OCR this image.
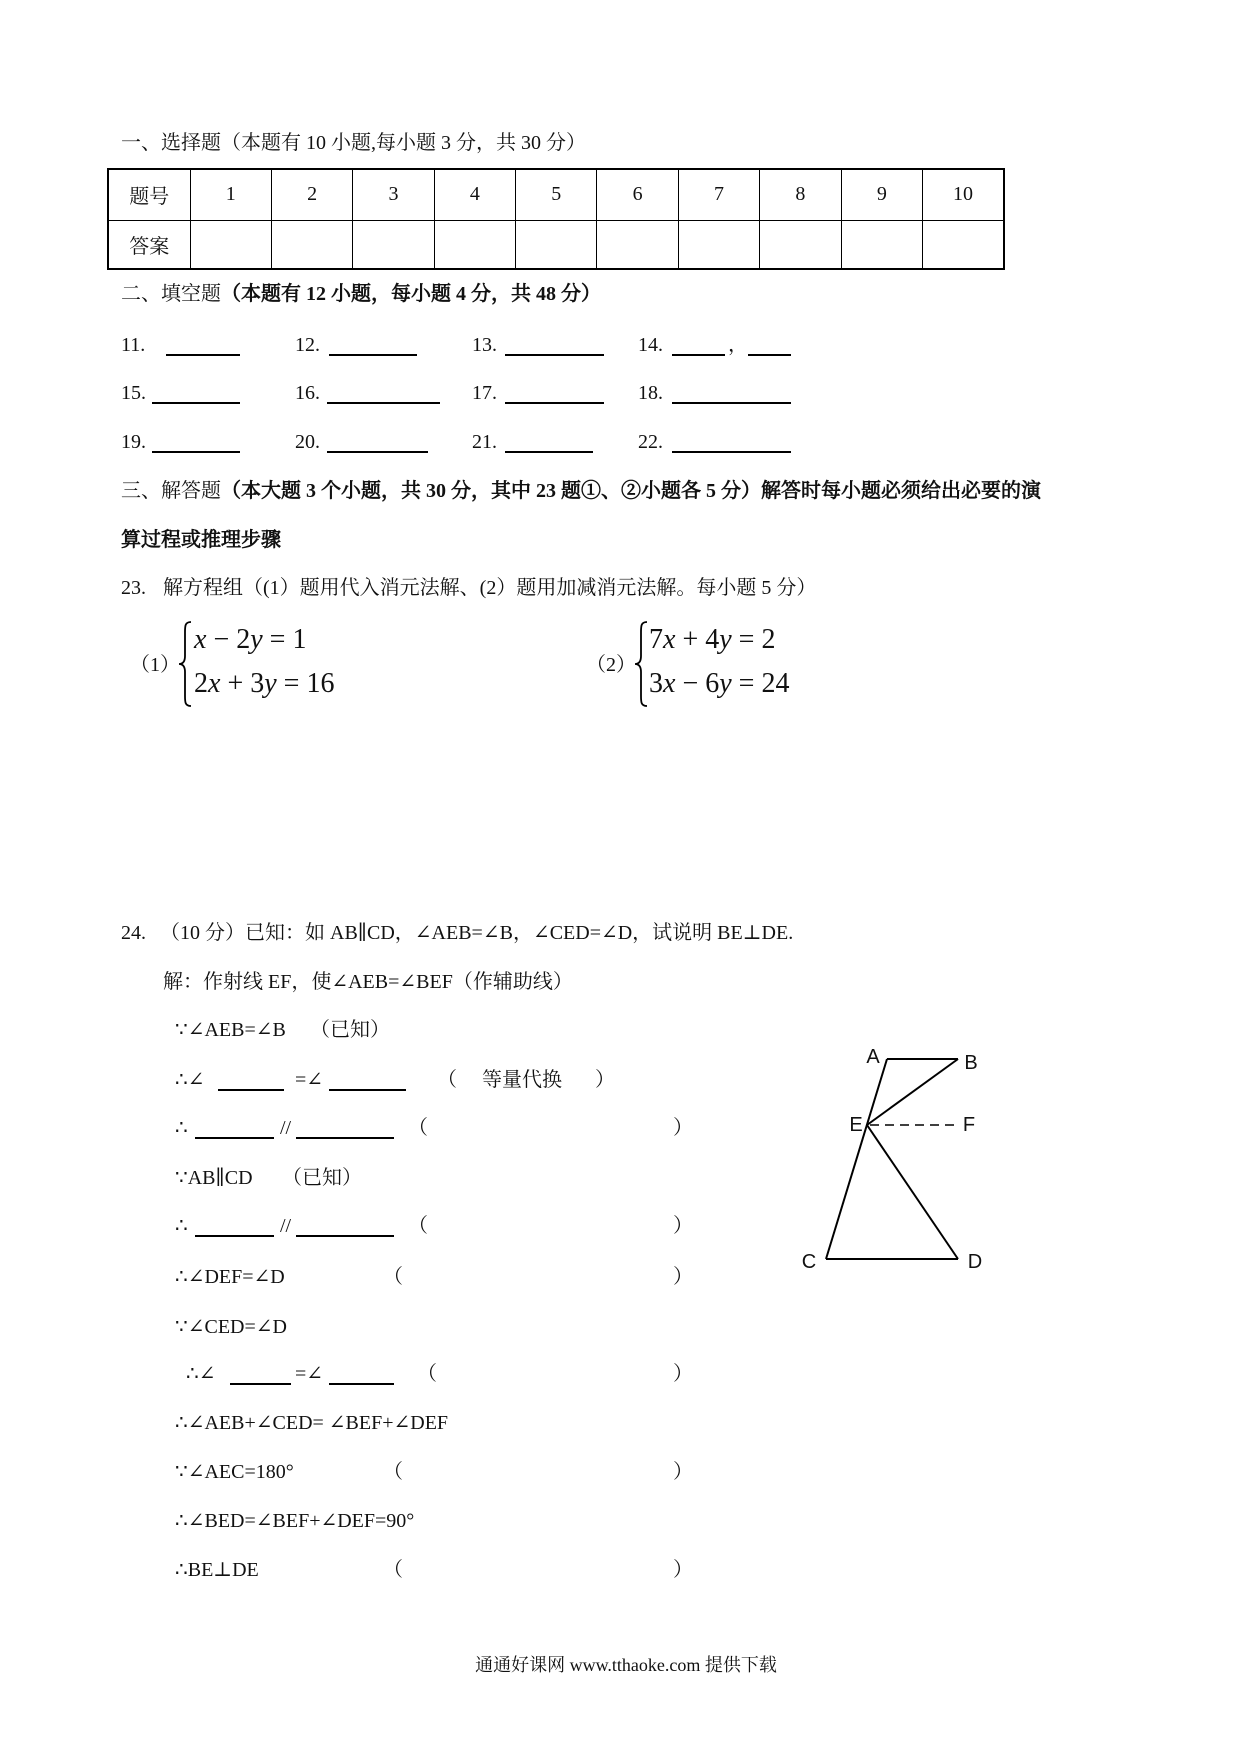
一、选择题（本题有 10 小题,每小题 3 分，共 30 分）
题号	1	2	3	4	5	6	7	8	9	10
答案										
二、填空题（本题有 12 小题，每小题 4 分，共 48 分）
11.	12.	13.	14.	，
15.	16.	17.	18.
19.	20.	21.	22.
三、解答题（本大题 3 个小题，共 30 分，其中 23 题①、②小题各 5 分）解答时每小题必须给出必要的演
算过程或推理步骤
23. 解方程组（(1）题用代入消元法解、(2）题用加减消元法解。每小题 5 分）
（1）
x − 2y = 1
2x + 3y = 16
（2）
7x + 4y = 2
3x − 6y = 24
24. （10 分）已知：如 AB∥CD，∠AEB=∠B，∠CED=∠D，试说明 BE⊥DE.
解：作射线 EF，使∠AEB=∠BEF（作辅助线）
∵∠AEB=∠B （已知）
∴∠	=∠	（ 等量代换 ）
∴	//	（	）
∵AB∥CD （已知）
∴	//	（	）
∴∠DEF=∠D	（	）
∵∠CED=∠D
∴∠	=∠	（	）
∴∠AEB+∠CED= ∠BEF+∠DEF
∵∠AEC=180°	（	）
∴∠BED=∠BEF+∠DEF=90°
∴BE⊥DE	（	）
A	B
E	F
C	D
通通好课网 www.tthaoke.com 提供下载
